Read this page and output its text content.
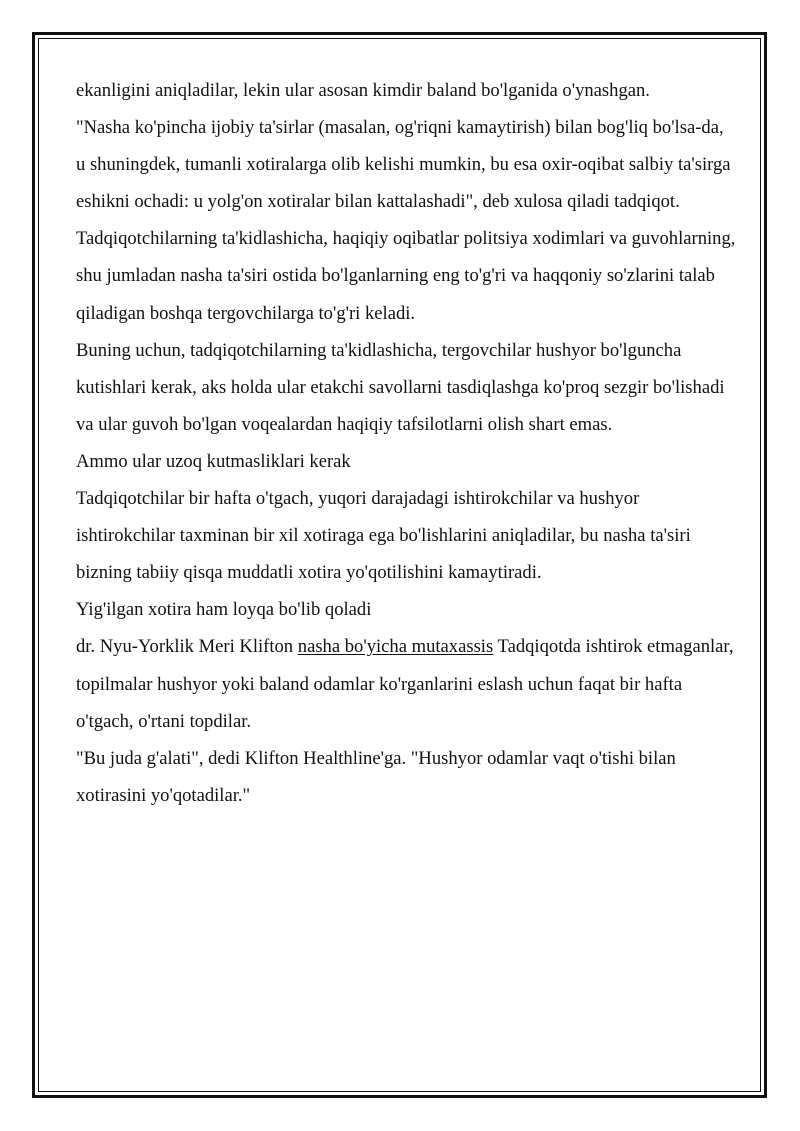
ekanligini aniqladilar, lekin ular asosan kimdir baland bo'lganida o'ynashgan.

"Nasha ko'pincha ijobiy ta'sirlar (masalan, og'riqni kamaytirish) bilan bog'liq bo'lsa-da, u shuningdek, tumanli xotiralarga olib kelishi mumkin, bu esa oxir-oqibat salbiy ta'sirga eshikni ochadi: u yolg'on xotiralar bilan kattalashadi", deb xulosa qiladi tadqiqot.

Tadqiqotchilarning ta'kidlashicha, haqiqiy oqibatlar politsiya xodimlari va guvohlarning, shu jumladan nasha ta'siri ostida bo'lganlarning eng to'g'ri va haqqoniy so'zlarini talab qiladigan boshqa tergovchilarga to'g'ri keladi.

Buning uchun, tadqiqotchilarning ta'kidlashicha, tergovchilar hushyor bo'lguncha kutishlari kerak, aks holda ular etakchi savollarni tasdiqlashga ko'proq sezgir bo'lishadi va ular guvoh bo'lgan voqealardan haqiqiy tafsilotlarni olish shart emas.

Ammo ular uzoq kutmasliklari kerak

Tadqiqotchilar bir hafta o'tgach, yuqori darajadagi ishtirokchilar va hushyor ishtirokchilar taxminan bir xil xotiraga ega bo'lishlarini aniqladilar, bu nasha ta'siri bizning tabiiy qisqa muddatli xotira yo'qotilishini kamaytiradi.

Yig'ilgan xotira ham loyqa bo'lib qoladi

dr. Nyu-Yorklik Meri Klifton nasha bo'yicha mutaxassis Tadqiqotda ishtirok etmaganlar, topilmalar hushyor yoki baland odamlar ko'rganlarini eslash uchun faqat bir hafta o'tgach, o'rtani topdilar.

"Bu juda g'alati", dedi Klifton Healthline'ga. "Hushyor odamlar vaqt o'tishi bilan xotirasini yo'qotadilar."
